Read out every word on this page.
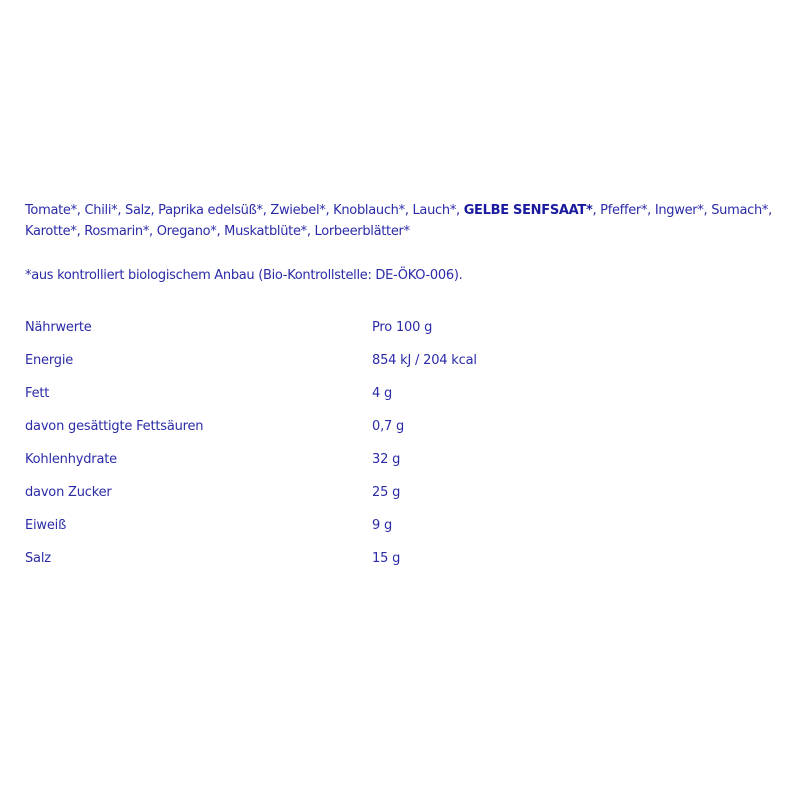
Tomate*, Chili*, Salz, Paprika edelsüß*, Zwiebel*, Knoblauch*, Lauch*, GELBE SENFSAAT*, Pfeffer*, Ingwer*, Sumach*,
Karotte*, Rosmarin*, Oregano*, Muskatblüte*, Lorbeerblätter*

*aus kontrolliert biologischem Anbau (Bio-Kontrollstelle: DE-ÖKO-006).

Nährwerte	Pro 100 g
Energie	854 kJ / 204 kcal
Fett	4 g
davon gesättigte Fettsäuren	0,7 g
Kohlenhydrate	32 g
davon Zucker	25 g
Eiweiß	9 g
Salz	15 g
